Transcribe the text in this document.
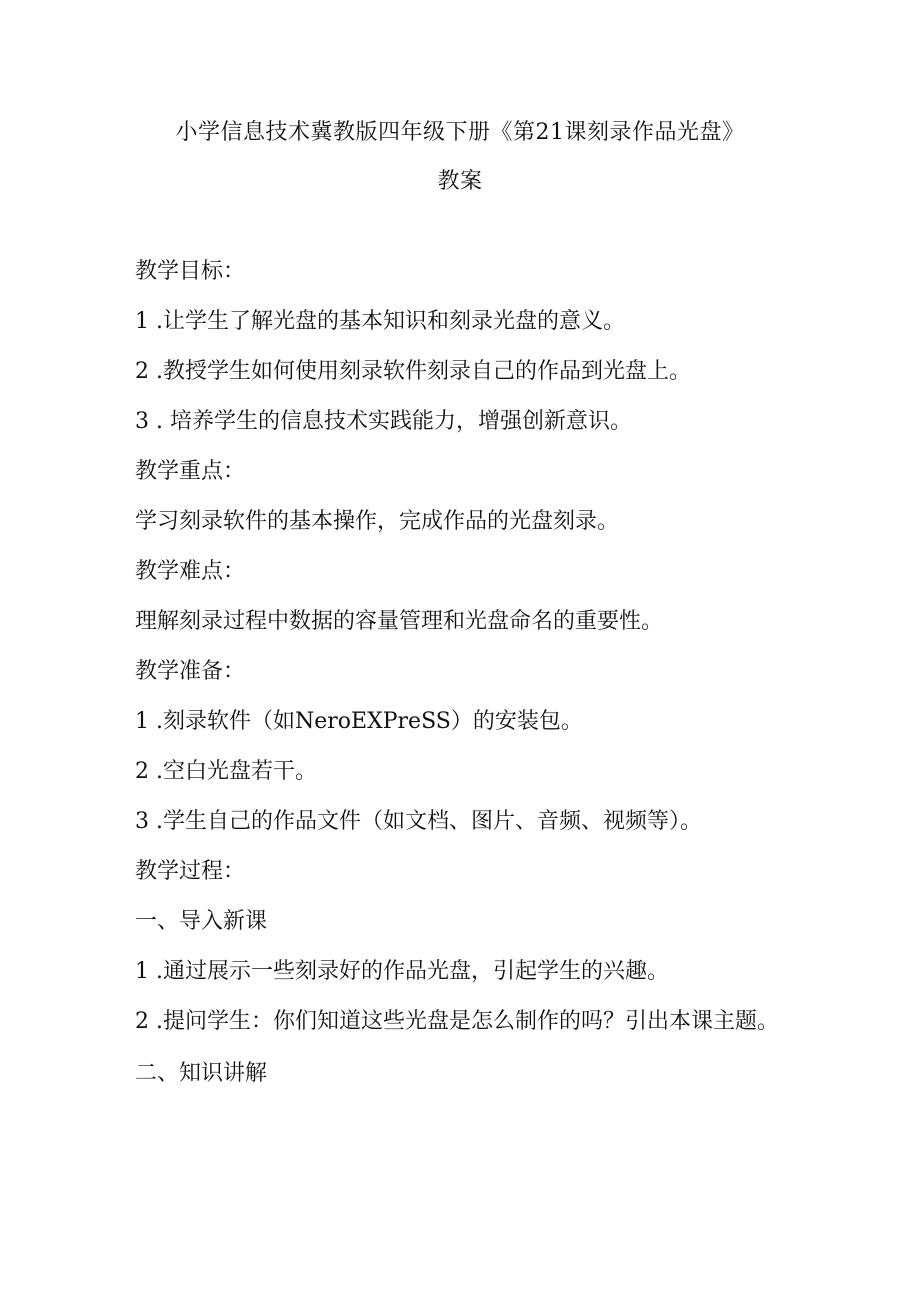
小学信息技术冀教版四年级下册《第21课刻录作品光盘》
教案

教学目标：

1 .让学生了解光盘的基本知识和刻录光盘的意义。

2 .教授学生如何使用刻录软件刻录自己的作品到光盘上。

3 . 培养学生的信息技术实践能力，增强创新意识。

教学重点：

学习刻录软件的基本操作，完成作品的光盘刻录。

教学难点：

理解刻录过程中数据的容量管理和光盘命名的重要性。

教学准备：

1 .刻录软件（如NeroEXPreSS）的安装包。

2 .空白光盘若干。

3 .学生自己的作品文件（如文档、图片、音频、视频等）。

教学过程：

一、导入新课

1 .通过展示一些刻录好的作品光盘，引起学生的兴趣。

2 .提问学生：你们知道这些光盘是怎么制作的吗？引出本课主题。

二、知识讲解
